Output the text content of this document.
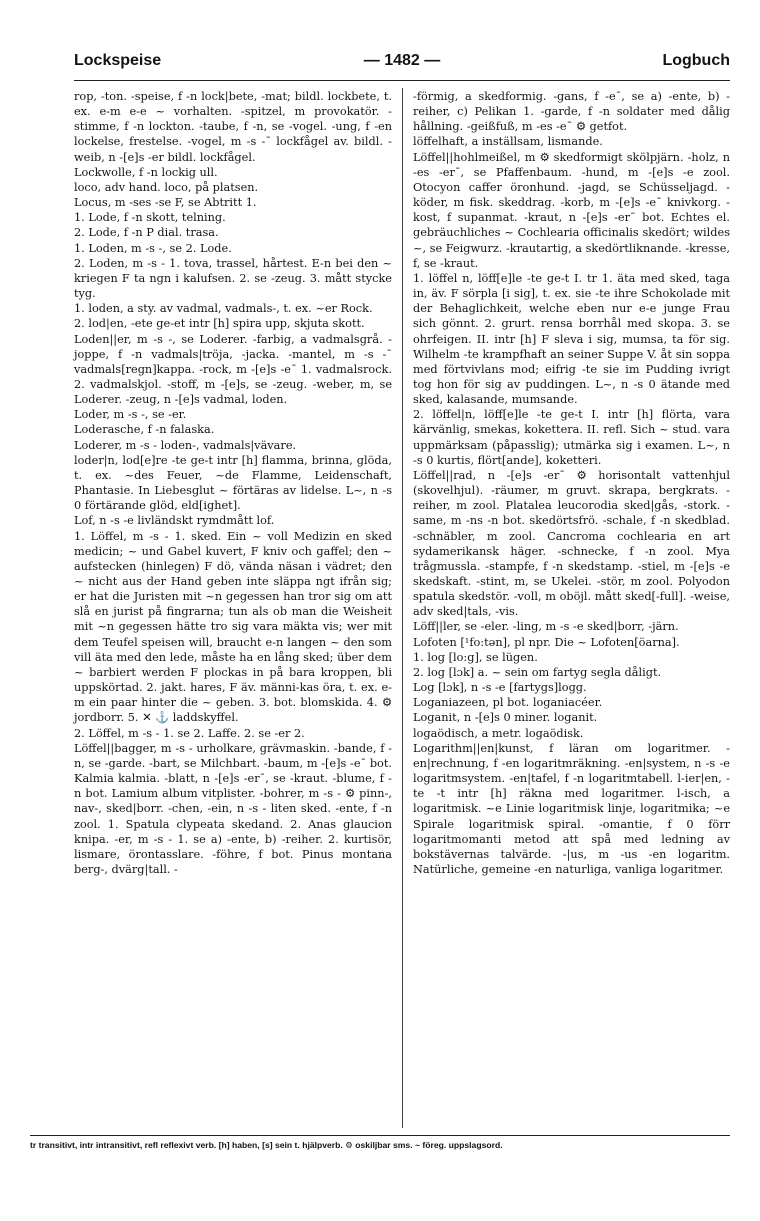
Lockspeise	— 1482 —	Logbuch

rop, -ton. -speise, f -n lock|bete, -mat; bildl. lockbete, t. ex. e-m e-e ~ vorhalten. -spitzel, m provokatör. -stimme, f -n lockton. -taube, f -n, se -vogel. -ung, f -en lockelse, frestelse. -vogel, m -s -¯ lockfågel av. bildl. -weib, n -[e]s -er bildl. lockfågel.

Lockwolle, f -n lockig ull.

loco, adv hand. loco, på platsen.

Locus, m -ses -se F, se Abtritt 1.

1. Lode, f -n skott, telning.

2. Lode, f -n P dial. trasa.

1. Loden, m -s -, se 2. Lode.

2. Loden, m -s - 1. tova, trassel, hårtest. E-n bei den ~ kriegen F ta ngn i kalufsen. 2. se -zeug. 3. mått stycke tyg.

1. loden, a sty. av vadmal, vadmals-, t. ex. ~er Rock.

2. lod|en, -ete ge-et intr [h] spira upp, skjuta skott.

Loden||er, m -s -, se Loderer. -farbig, a vadmalsgrå. -joppe, f -n vadmals|tröja, -jacka. -mantel, m -s -¯ vadmals[regn]kappa. -rock, m -[e]s -e¯ 1. vadmalsrock. 2. vadmalskjol. -stoff, m -[e]s, se -zeug. -weber, m, se Loderer. -zeug, n -[e]s vadmal, loden.

Loder, m -s -, se -er.

Loderasche, f -n falaska.

Loderer, m -s - loden-, vadmals|vävare.

loder|n, lod[e]re -te ge-t intr [h] flamma, brinna, glöda, t. ex. ~des Feuer, ~de Flamme, Leidenschaft, Phantasie. In Liebesglut ~ förtäras av lidelse. L~, n -s 0 förtärande glöd, eld[ighet].

Lof, n -s -e livländskt rymdmått lof.

1. Löffel, m -s - 1. sked. Ein ~ voll Medizin en sked medicin; ~ und Gabel kuvert, F kniv och gaffel; den ~ aufstecken (hinlegen) F dö, vända näsan i vädret; den ~ nicht aus der Hand geben inte släppa ngt ifrån sig; er hat die Juristen mit ~n gegessen han tror sig om att slå en jurist på fingrarna; tun als ob man die Weisheit mit ~n gegessen hätte tro sig vara mäkta vis; wer mit dem Teufel speisen will, braucht e-n langen ~ den som vill äta med den lede, måste ha en lång sked; über dem ~ barbiert werden F plockas in på bara kroppen, bli uppskörtad. 2. jakt. hares, F äv. männi-kas öra, t. ex. e-m ein paar hinter die ~ geben. 3. bot. blomskida. 4. ⚙ jordborr. 5. ✕ ⚓ laddskyffel.

2. Löffel, m -s - 1. se 2. Laffe. 2. se -er 2.

Löffel||bagger, m -s - urholkare, grävmaskin. -bande, f -n, se -garde. -bart, se Milchbart. -baum, m -[e]s -e¯ bot. Kalmia kalmia. -blatt, n -[e]s -er¯, se -kraut. -blume, f -n bot. Lamium album vitplister. -bohrer, m -s - ⚙ pinn-, nav-, sked|borr. -chen, -ein, n -s - liten sked. -ente, f -n zool. 1. Spatula clypeata skedand. 2. Anas glaucion knipa. -er, m -s - 1. se a) -ente, b) -reiher. 2. kurtisör, lismare, örontasslare. -föhre, f bot. Pinus montana berg-, dvärg|tall. -

-förmig, a skedformig. -gans, f -e¯, se a) -ente, b) -reiher, c) Pelikan 1. -garde, f -n soldater med dålig hållning. -geißfuß, m -es -e¯ ⚙ getfot.

löffelhaft, a inställsam, lismande.

Löffel||hohlmeißel, m ⚙ skedformigt skölpjärn. -holz, n -es -er¯, se Pfaffenbaum. -hund, m -[e]s -e zool. Otocyon caffer öronhund. -jagd, se Schüsseljagd. -köder, m fisk. skeddrag. -korb, m -[e]s -e¯ knivkorg. -kost, f supanmat. -kraut, n -[e]s -er¯ bot. Echtes el. gebräuchliches ~ Cochlearia officinalis skedört; wildes ~, se Feigwurz. -krautartig, a skedörtliknande. -kresse, f, se -kraut.

1. löffel n, löff[e]le -te ge-t I. tr 1. äta med sked, taga in, äv. F sörpla [i sig], t. ex. sie -te ihre Schokolade mit der Behaglichkeit, welche eben nur e-e junge Frau sich gönnt. 2. grurt. rensa borrhål med skopa. 3. se ohrfeigen. II. intr [h] F sleva i sig, mumsa, ta för sig. Wilhelm -te krampfhaft an seiner Suppe V. åt sin soppa med förtvivlans mod; eifrig -te sie im Pudding ivrigt tog hon för sig av puddingen. L~, n -s 0 ätande med sked, kalasande, mumsande.

2. löffel|n, löff[e]le -te ge-t I. intr [h] flörta, vara kärvänlig, smekas, kokettera. II. refl. Sich ~ stud. vara uppmärksam (påpasslig); utmärka sig i examen. L~, n -s 0 kurtis, flört[ande], koketteri.

Löffel||rad, n -[e]s -er¯ ⚙ horisontalt vattenhjul (skovelhjul). -räumer, m gruvt. skrapa, bergkrats. -reiher, m zool. Platalea leucorodia sked|gås, -stork. -same, m -ns -n bot. skedörtsfrö. -schale, f -n skedblad. -schnäbler, m zool. Cancroma cochlearia en art sydamerikansk häger. -schnecke, f -n zool. Mya trågmussla. -stampfe, f -n skedstamp. -stiel, m -[e]s -e skedskaft. -stint, m, se Ukelei. -stör, m zool. Polyodon spatula skedstör. -voll, m oböjl. mått sked[-full]. -weise, adv sked|tals, -vis.

Löff||ler, se -eler. -ling, m -s -e sked|borr, -järn.

Lofoten [¹fo:tən], pl npr. Die ~ Lofoten[öarna].

1. log [lo:g], se lügen.

2. log [lɔk] a. ~ sein om fartyg segla dåligt.

Log [lɔk], n -s -e [fartygs]logg.

Loganiazeen, pl bot. loganiacéer.

Loganit, n -[e]s 0 miner. loganit.

logaödisch, a metr. logaödisk.

Logarithm||en|kunst, f läran om logaritmer. -en|rechnung, f -en logaritmräkning. -en|system, n -s -e logaritmsystem. -en|tafel, f -n logaritmtabell. l-ier|en, -te -t intr [h] räkna med logaritmer. l-isch, a logaritmisk. ~e Linie logaritmisk linje, logaritmika; ~e Spirale logaritmisk spiral. -omantie, f 0 förr logaritmomanti metod att spå med ledning av bokstävernas talvärde. -|us, m -us -en logaritm. Natürliche, gemeine -en naturliga, vanliga logaritmer.

tr transitivt, intr intransitivt, refl reflexivt verb. [h] haben, [s] sein t. hjälpverb. ⚙ oskiljbar sms. ~ föreg. uppslagsord.
